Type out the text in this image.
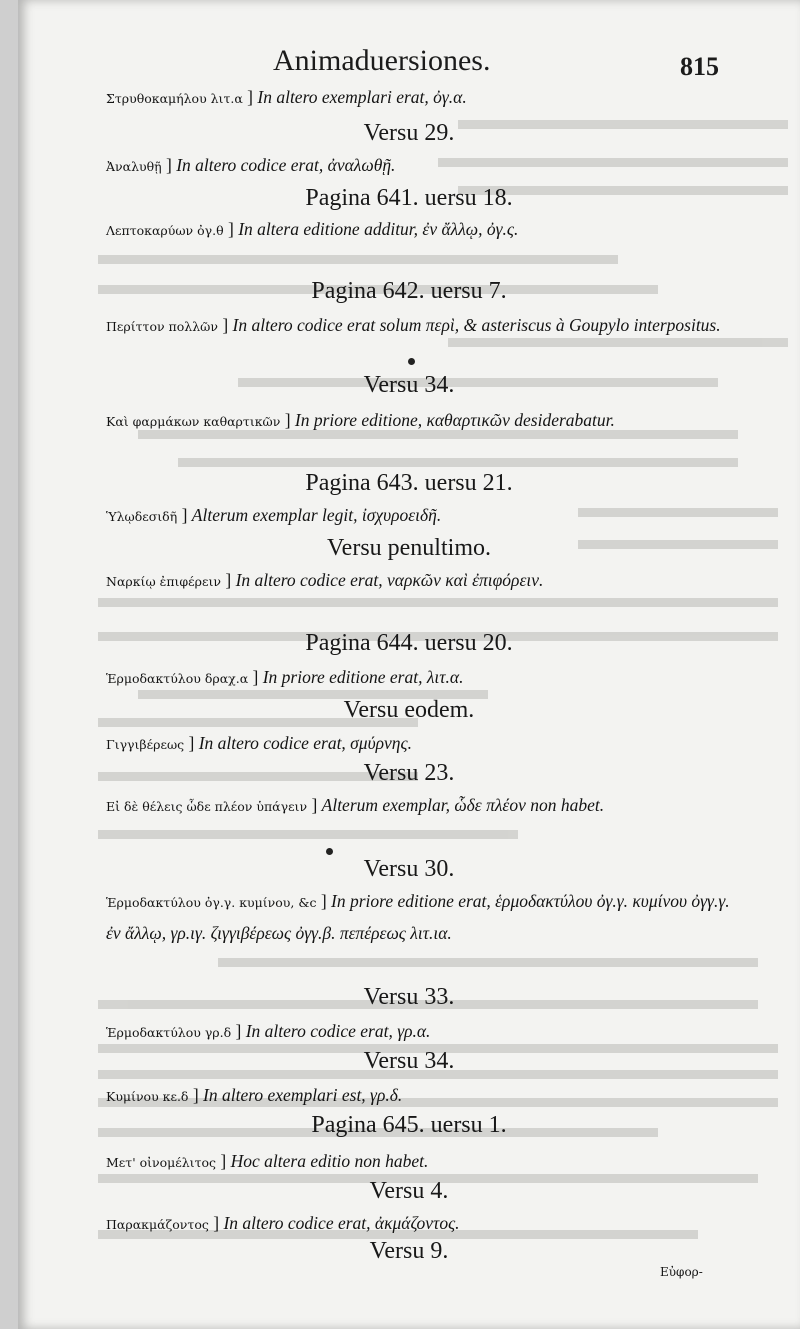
Animaduersiones.	815
Στρυθοκαμήλου λιτ.α ] In altero exemplari erat, ὀγ.α.
Versu 29.
Ἀναλυθῇ ] In altero codice erat, ἀναλωθῇ.
Pagina 641. uersu 18.
Λεπτοκαρύων ὀγ.θ ] In altera editione additur, ἐν ἄλλῳ, ὀγ.ς.
Pagina 642. uersu 7.
Περίττον πολλῶν ] In altero codice erat solum περὶ, & asteriscus à Goupylo interpositus.
Versu 34.
Καὶ φαρμάκων καθαρτικῶν ] In priore editione, καθαρτικῶν desiderabatur.
Pagina 643. uersu 21.
Ὑλῳδεσιδῆ ] Alterum exemplar legit, ἰσχυροειδῆ.
Versu penultimo.
Ναρκίῳ ἐπιφέρειν ] In altero codice erat, ναρκῶν καὶ ἐπιφόρειν.
Pagina 644. uersu 20.
Ἑρμοδακτύλου δραχ.α ] In priore editione erat, λιτ.α.
Versu eodem.
Γιγγιβέρεως ] In altero codice erat, σμύρνης.
Versu 23.
Εἰ δὲ θέλεις ὧδε πλέον ὑπάγειν ] Alterum exemplar, ὧδε πλέον non habet.
Versu 30.
Ἑρμοδακτύλου ὀγ.γ. κυμίνου, &c ] In priore editione erat, ἑρμοδακτύλου ὀγ.γ. κυμίνου ὀγγ.γ. ἐν ἄλλῳ, γρ.ιγ. ζιγγιβέρεως ὀγγ.β. πεπέρεως λιτ.ια.
Versu 33.
Ἑρμοδακτύλου γρ.δ ] In altero codice erat, γρ.α.
Versu 34.
Κυμίνου κε.δ ] In altero exemplari est, γρ.δ.
Pagina 645. uersu 1.
Μετ' οἰνομέλιτος ] Hoc altera editio non habet.
Versu 4.
Παρακμάζοντος ] In altero codice erat, ἀκμάζοντος.
Versu 9.
Εὐφορ-
